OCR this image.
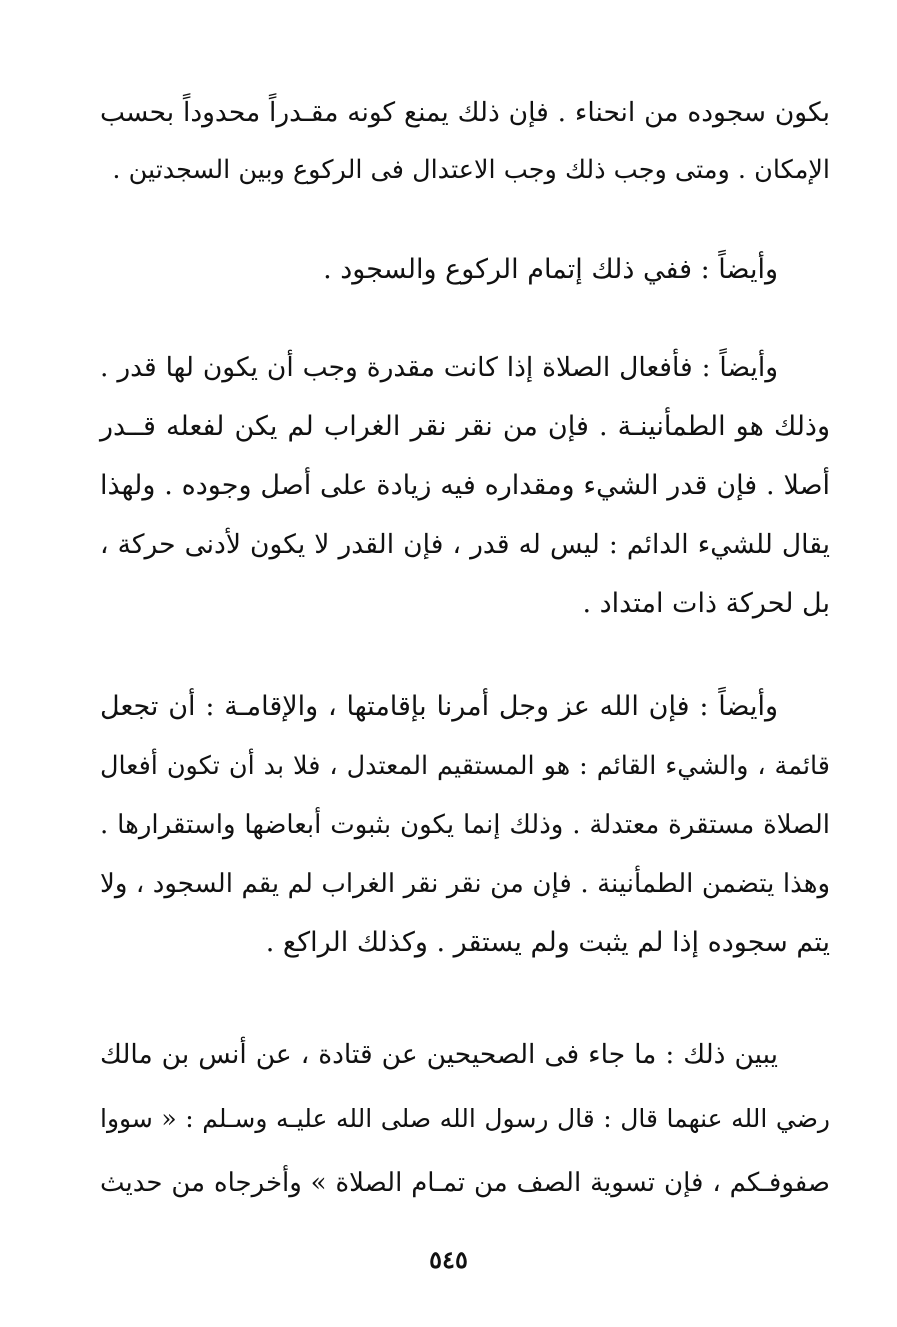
بكون سجوده من انحناء . فإن ذلك يمنع كونه مقـدراً محدوداً بحسب
الإمكان . ومتى وجب ذلك وجب الاعتدال فى الركوع وبين السجدتين .
وأيضاً : ففي ذلك إتمام الركوع والسجود .
وأيضاً : فأفعال الصلاة إذا كانت مقدرة وجب أن يكون لها قدر .
وذلك هو الطمأنينـة . فإن من نقر نقر الغراب لم يكن لفعله قــدر
أصلا . فإن قدر الشيء ومقداره فيه زيادة على أصل وجوده . ولهذا
يقال للشيء الدائم : ليس له قدر ، فإن القدر لا يكون لأدنى حركة ،
بل لحركة ذات امتداد .
وأيضاً : فإن الله عز وجل أمرنا بإقامتها ، والإقامـة : أن تجعل
قائمة ، والشيء القائم : هو المستقيم المعتدل ، فلا بد أن تكون أفعال
الصلاة مستقرة معتدلة . وذلك إنما يكون بثبوت أبعاضها واستقرارها .
وهذا يتضمن الطمأنينة . فإن من نقر نقر الغراب لم يقم السجود ، ولا
يتم سجوده إذا لم يثبت ولم يستقر . وكذلك الراكع .
يبين ذلك : ما جاء فى الصحيحين عن قتادة ، عن أنس بن مالك
رضي الله عنهما قال : قال رسول الله صلى الله عليـه وسـلم : « سووا
صفوفـكم ، فإن تسوية الصف من تمـام الصلاة » وأخرجاه من حديث
٥٤٥
